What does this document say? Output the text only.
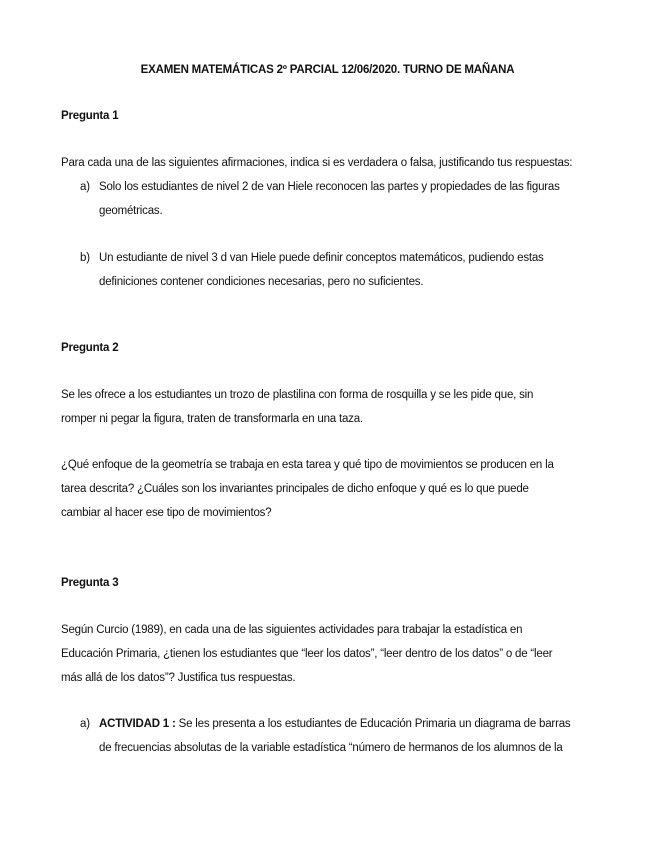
EXAMEN MATEMÁTICAS 2º PARCIAL 12/06/2020. TURNO DE MAÑANA
Pregunta 1
Para cada una de las siguientes afirmaciones, indica si es verdadera o falsa, justificando tus respuestas:
a) Solo los estudiantes de nivel 2 de van Hiele reconocen las partes y propiedades de las figuras
geométricas.
b) Un estudiante de nivel 3 d van Hiele puede definir conceptos matemáticos, pudiendo estas
definiciones contener condiciones necesarias, pero no suficientes.
Pregunta 2
Se les ofrece a los estudiantes un trozo de plastilina con forma de rosquilla y se les pide que, sin
romper ni pegar la figura, traten de transformarla en una taza.
¿Qué enfoque de la geometría se trabaja en esta tarea y qué tipo de movimientos se producen en la
tarea descrita? ¿Cuáles son los invariantes principales de dicho enfoque y qué es lo que puede
cambiar al hacer ese tipo de movimientos?
Pregunta 3
Según Curcio (1989), en cada una de las siguientes actividades para trabajar la estadística en
Educación Primaria, ¿tienen los estudiantes que “leer los datos”, “leer dentro de los datos” o de “leer
más allá de los datos”? Justifica tus respuestas.
a) ACTIVIDAD 1 : Se les presenta a los estudiantes de Educación Primaria un diagrama de barras
de frecuencias absolutas de la variable estadística “número de hermanos de los alumnos de la
